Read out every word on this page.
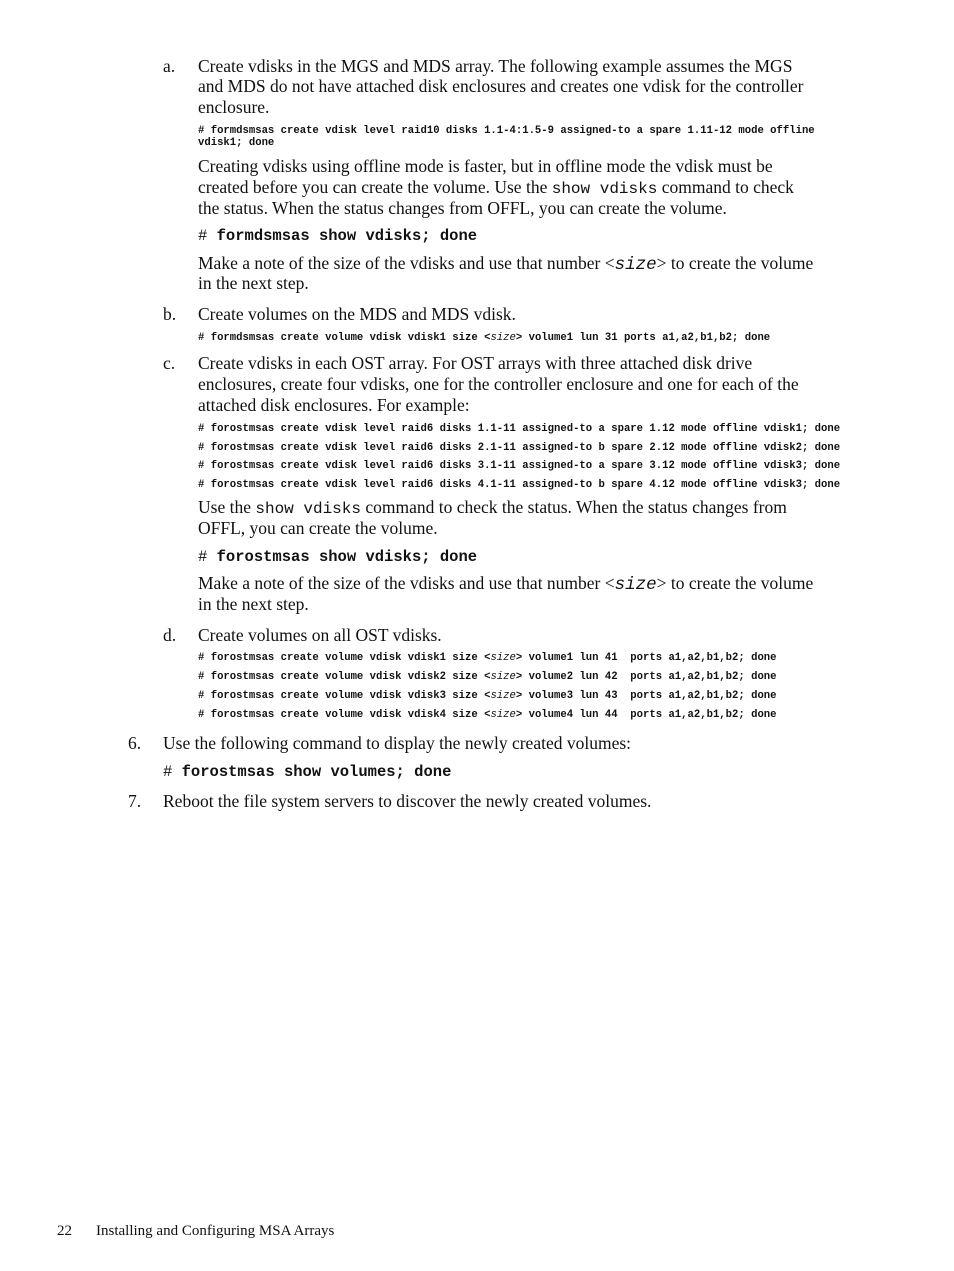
a. Create vdisks in the MGS and MDS array. The following example assumes the MGS
and MDS do not have attached disk enclosures and creates one vdisk for the controller
enclosure.
# formdsmsas create vdisk level raid10 disks 1.1-4:1.5-9 assigned-to a spare 1.11-12 mode offline
vdisk1; done
Creating vdisks using offline mode is faster, but in offline mode the vdisk must be
created before you can create the volume. Use the show vdisks command to check
the status. When the status changes from OFFL, you can create the volume.
# formdsmsas show vdisks; done
Make a note of the size of the vdisks and use that number <size> to create the volume
in the next step.
b. Create volumes on the MDS and MDS vdisk.
# formdsmsas create volume vdisk vdisk1 size <size> volume1 lun 31 ports a1,a2,b1,b2; done
c. Create vdisks in each OST array. For OST arrays with three attached disk drive
enclosures, create four vdisks, one for the controller enclosure and one for each of the
attached disk enclosures. For example:
# forostmsas create vdisk level raid6 disks 1.1-11 assigned-to a spare 1.12 mode offline vdisk1; done
# forostmsas create vdisk level raid6 disks 2.1-11 assigned-to b spare 2.12 mode offline vdisk2; done
# forostmsas create vdisk level raid6 disks 3.1-11 assigned-to a spare 3.12 mode offline vdisk3; done
# forostmsas create vdisk level raid6 disks 4.1-11 assigned-to b spare 4.12 mode offline vdisk3; done
Use the show vdisks command to check the status. When the status changes from
OFFL, you can create the volume.
# forostmsas show vdisks; done
Make a note of the size of the vdisks and use that number <size> to create the volume
in the next step.
d. Create volumes on all OST vdisks.
# forostmsas create volume vdisk vdisk1 size <size> volume1 lun 41  ports a1,a2,b1,b2; done
# forostmsas create volume vdisk vdisk2 size <size> volume2 lun 42  ports a1,a2,b1,b2; done
# forostmsas create volume vdisk vdisk3 size <size> volume3 lun 43  ports a1,a2,b1,b2; done
# forostmsas create volume vdisk vdisk4 size <size> volume4 lun 44  ports a1,a2,b1,b2; done
6. Use the following command to display the newly created volumes:
# forostmsas show volumes; done
7. Reboot the file system servers to discover the newly created volumes.
22 Installing and Configuring MSA Arrays
